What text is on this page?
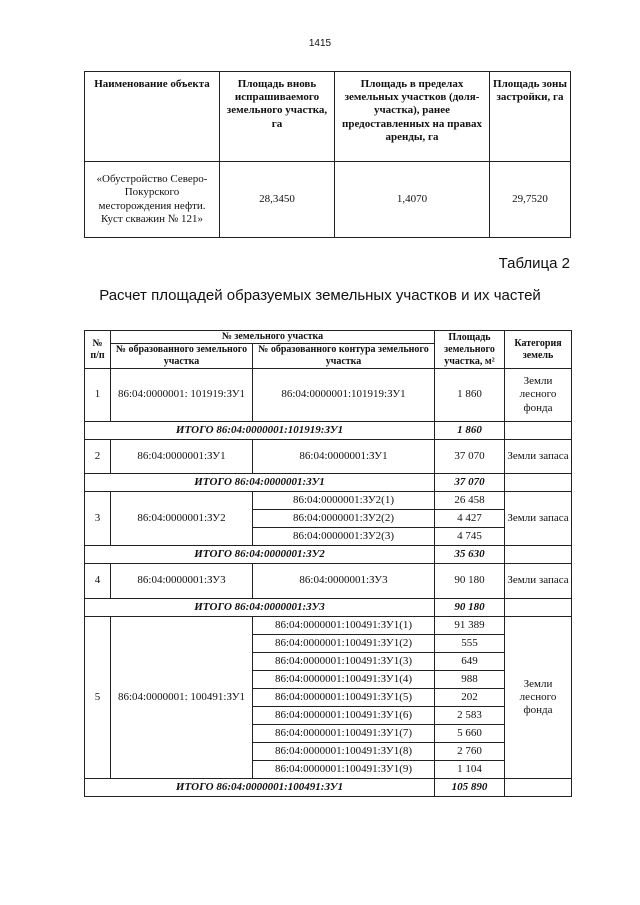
1415
Наименование объекта	Площадь вновь испрашиваемого земельного участка, га	Площадь в пределах земельных участков (доля-участка), ранее предоставленных на правах аренды, га	Площадь зоны застройки, га
«Обустройство Северо-Покурского месторождения нефти. Куст скважин № 121»	28,3450	1,4070	29,7520
Таблица 2
Расчет площадей образуемых земельных участков и их частей
№ п/п	№ земельного участка		Площадь земельного участка, м²	Категория земель
	№ образованного земельного участка	№ образованного контура земельного участка		
1	86:04:0000001: 101919:ЗУ1	86:04:0000001:101919:ЗУ1	1 860	Земли лесного фонда
ИТОГО 86:04:0000001:101919:ЗУ1			1 860	
2	86:04:0000001:ЗУ1	86:04:0000001:ЗУ1	37 070	Земли запаса
ИТОГО 86:04:0000001:ЗУ1			37 070	
3	86:04:0000001:ЗУ2	86:04:0000001:ЗУ2(1)	26 458	Земли запаса
		86:04:0000001:ЗУ2(2)	4 427	
		86:04:0000001:ЗУ2(3)	4 745	
ИТОГО 86:04:0000001:ЗУ2			35 630	
4	86:04:0000001:ЗУ3	86:04:0000001:ЗУ3	90 180	Земли запаса
ИТОГО 86:04:0000001:ЗУ3			90 180	
5	86:04:0000001: 100491:ЗУ1	86:04:0000001:100491:ЗУ1(1)	91 389	Земли лесного фонда
		86:04:0000001:100491:ЗУ1(2)	555	
		86:04:0000001:100491:ЗУ1(3)	649	
		86:04:0000001:100491:ЗУ1(4)	988	
		86:04:0000001:100491:ЗУ1(5)	202	
		86:04:0000001:100491:ЗУ1(6)	2 583	
		86:04:0000001:100491:ЗУ1(7)	5 660	
		86:04:0000001:100491:ЗУ1(8)	2 760	
		86:04:0000001:100491:ЗУ1(9)	1 104	
ИТОГО 86:04:0000001:100491:ЗУ1			105 890	
